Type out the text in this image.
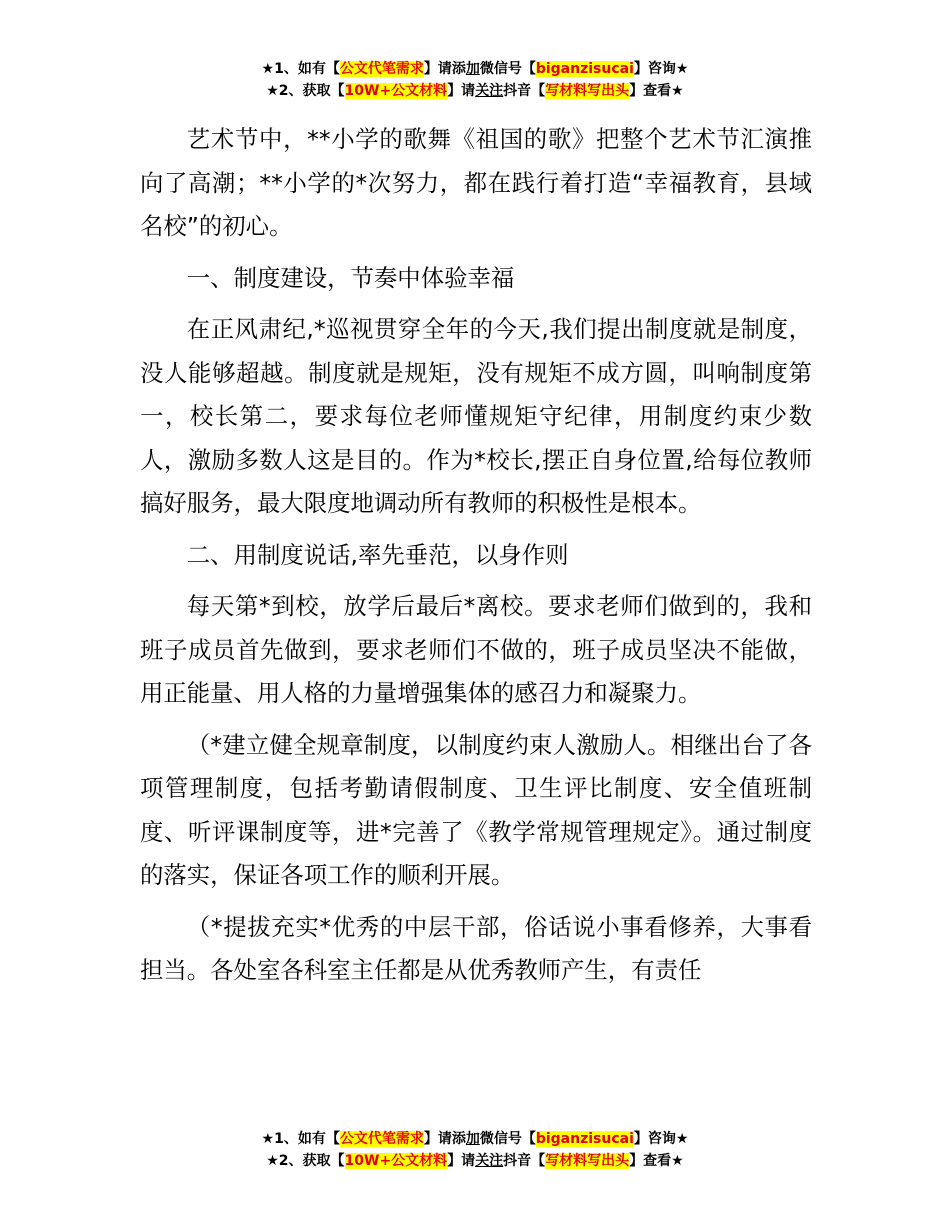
★1、如有【公文代笔需求】请添加微信号【biganzisucai】咨询★
★2、获取【10W+公文材料】请关注抖音【写材料写出头】查看★

艺术节中，**小学的歌舞《祖国的歌》把整个艺术节汇演推向了高潮；**小学的*次努力，都在践行着打造“幸福教育，县域名校”的初心。

一、制度建设，节奏中体验幸福

在正风肃纪,*巡视贯穿全年的今天,我们提出制度就是制度，没人能够超越。制度就是规矩，没有规矩不成方圆，叫响制度第一，校长第二，要求每位老师懂规矩守纪律，用制度约束少数人，激励多数人这是目的。作为*校长,摆正自身位置,给每位教师搞好服务，最大限度地调动所有教师的积极性是根本。

二、用制度说话,率先垂范，以身作则

每天第*到校，放学后最后*离校。要求老师们做到的，我和班子成员首先做到，要求老师们不做的，班子成员坚决不能做，用正能量、用人格的力量增强集体的感召力和凝聚力。

（*建立健全规章制度，以制度约束人激励人。相继出台了各项管理制度，包括考勤请假制度、卫生评比制度、安全值班制度、听评课制度等，进*完善了《教学常规管理规定》。通过制度的落实，保证各项工作的顺利开展。

（*提拔充实*优秀的中层干部，俗话说小事看修养，大事看担当。各处室各科室主任都是从优秀教师产生，有责任

★1、如有【公文代笔需求】请添加微信号【biganzisucai】咨询★
★2、获取【10W+公文材料】请关注抖音【写材料写出头】查看★
